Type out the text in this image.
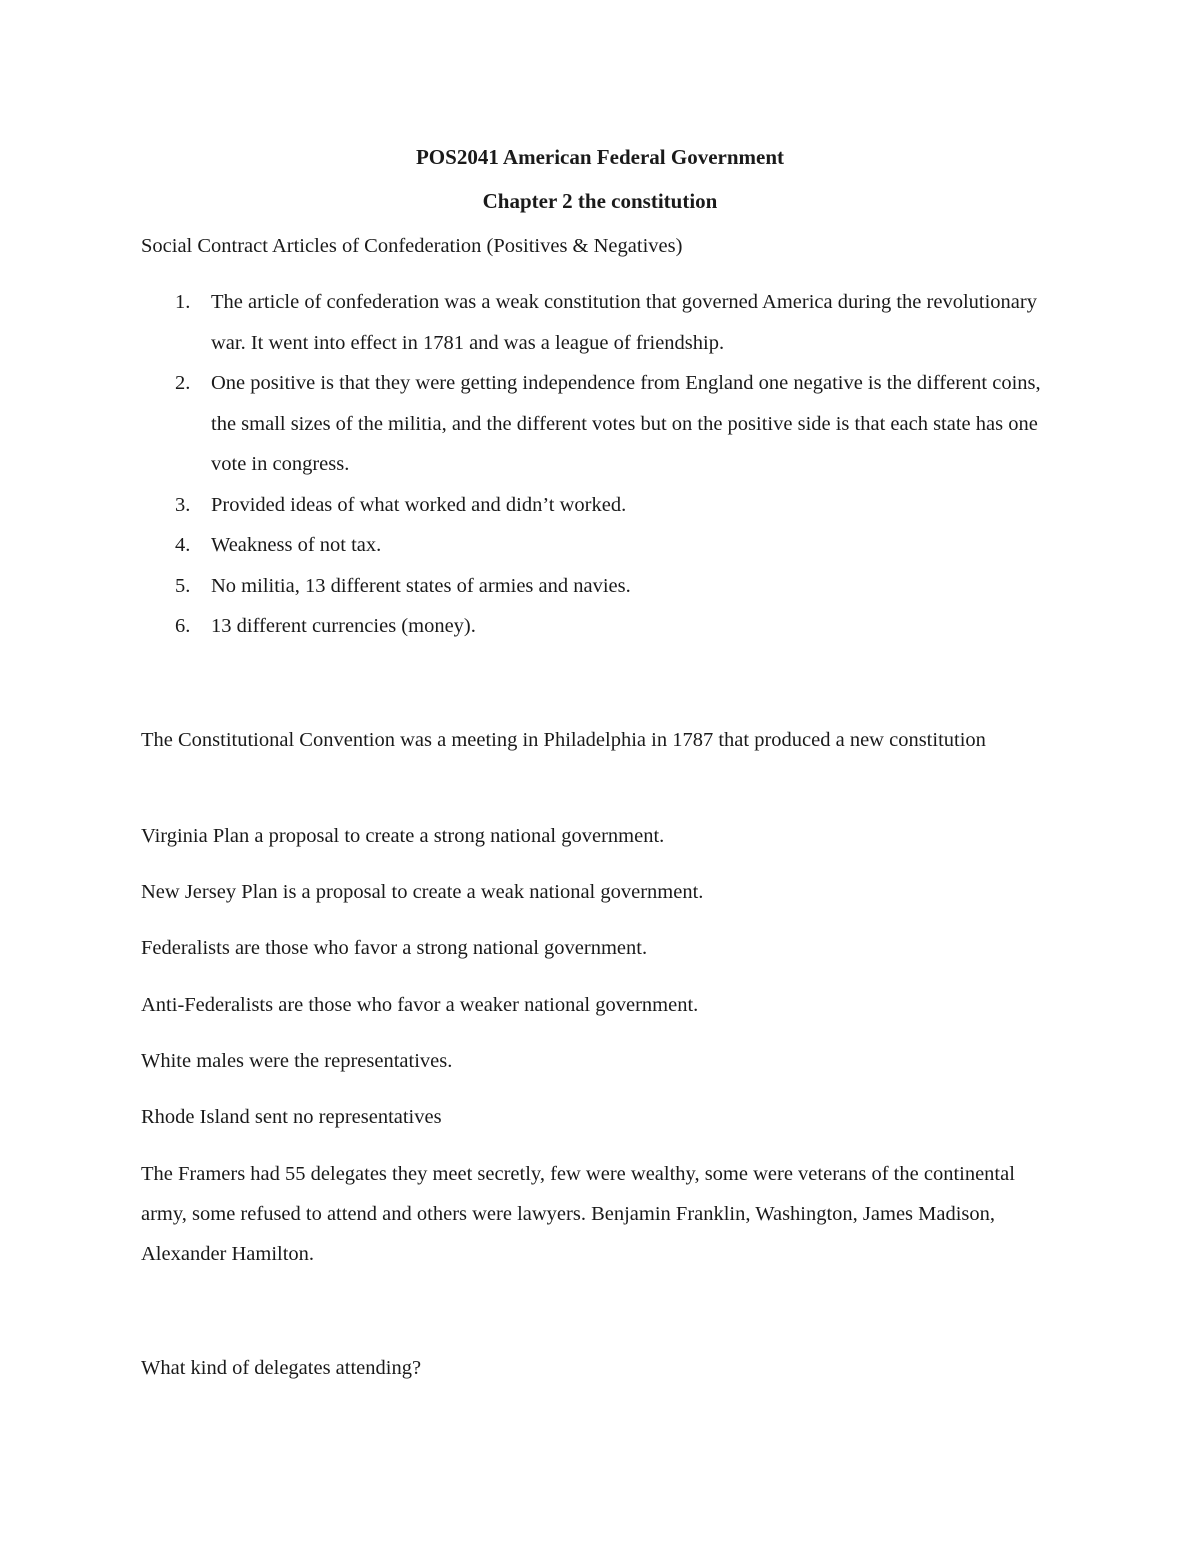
POS2041 American Federal Government
Chapter 2 the constitution

Social Contract Articles of Confederation (Positives & Negatives)

1. The article of confederation was a weak constitution that governed America during the revolutionary war. It went into effect in 1781 and was a league of friendship.
2. One positive is that they were getting independence from England one negative is the different coins, the small sizes of the militia, and the different votes but on the positive side is that each state has one vote in congress.
3. Provided ideas of what worked and didn’t worked.
4. Weakness of not tax.
5. No militia, 13 different states of armies and navies.
6. 13 different currencies (money).

The Constitutional Convention was a meeting in Philadelphia in 1787 that produced a new constitution

Virginia Plan a proposal to create a strong national government.

New Jersey Plan is a proposal to create a weak national government.

Federalists are those who favor a strong national government.

Anti-Federalists are those who favor a weaker national government.

White males were the representatives.

Rhode Island sent no representatives

The Framers had 55 delegates they meet secretly, few were wealthy, some were veterans of the continental army, some refused to attend and others were lawyers. Benjamin Franklin, Washington, James Madison, Alexander Hamilton.

What kind of delegates attending?
